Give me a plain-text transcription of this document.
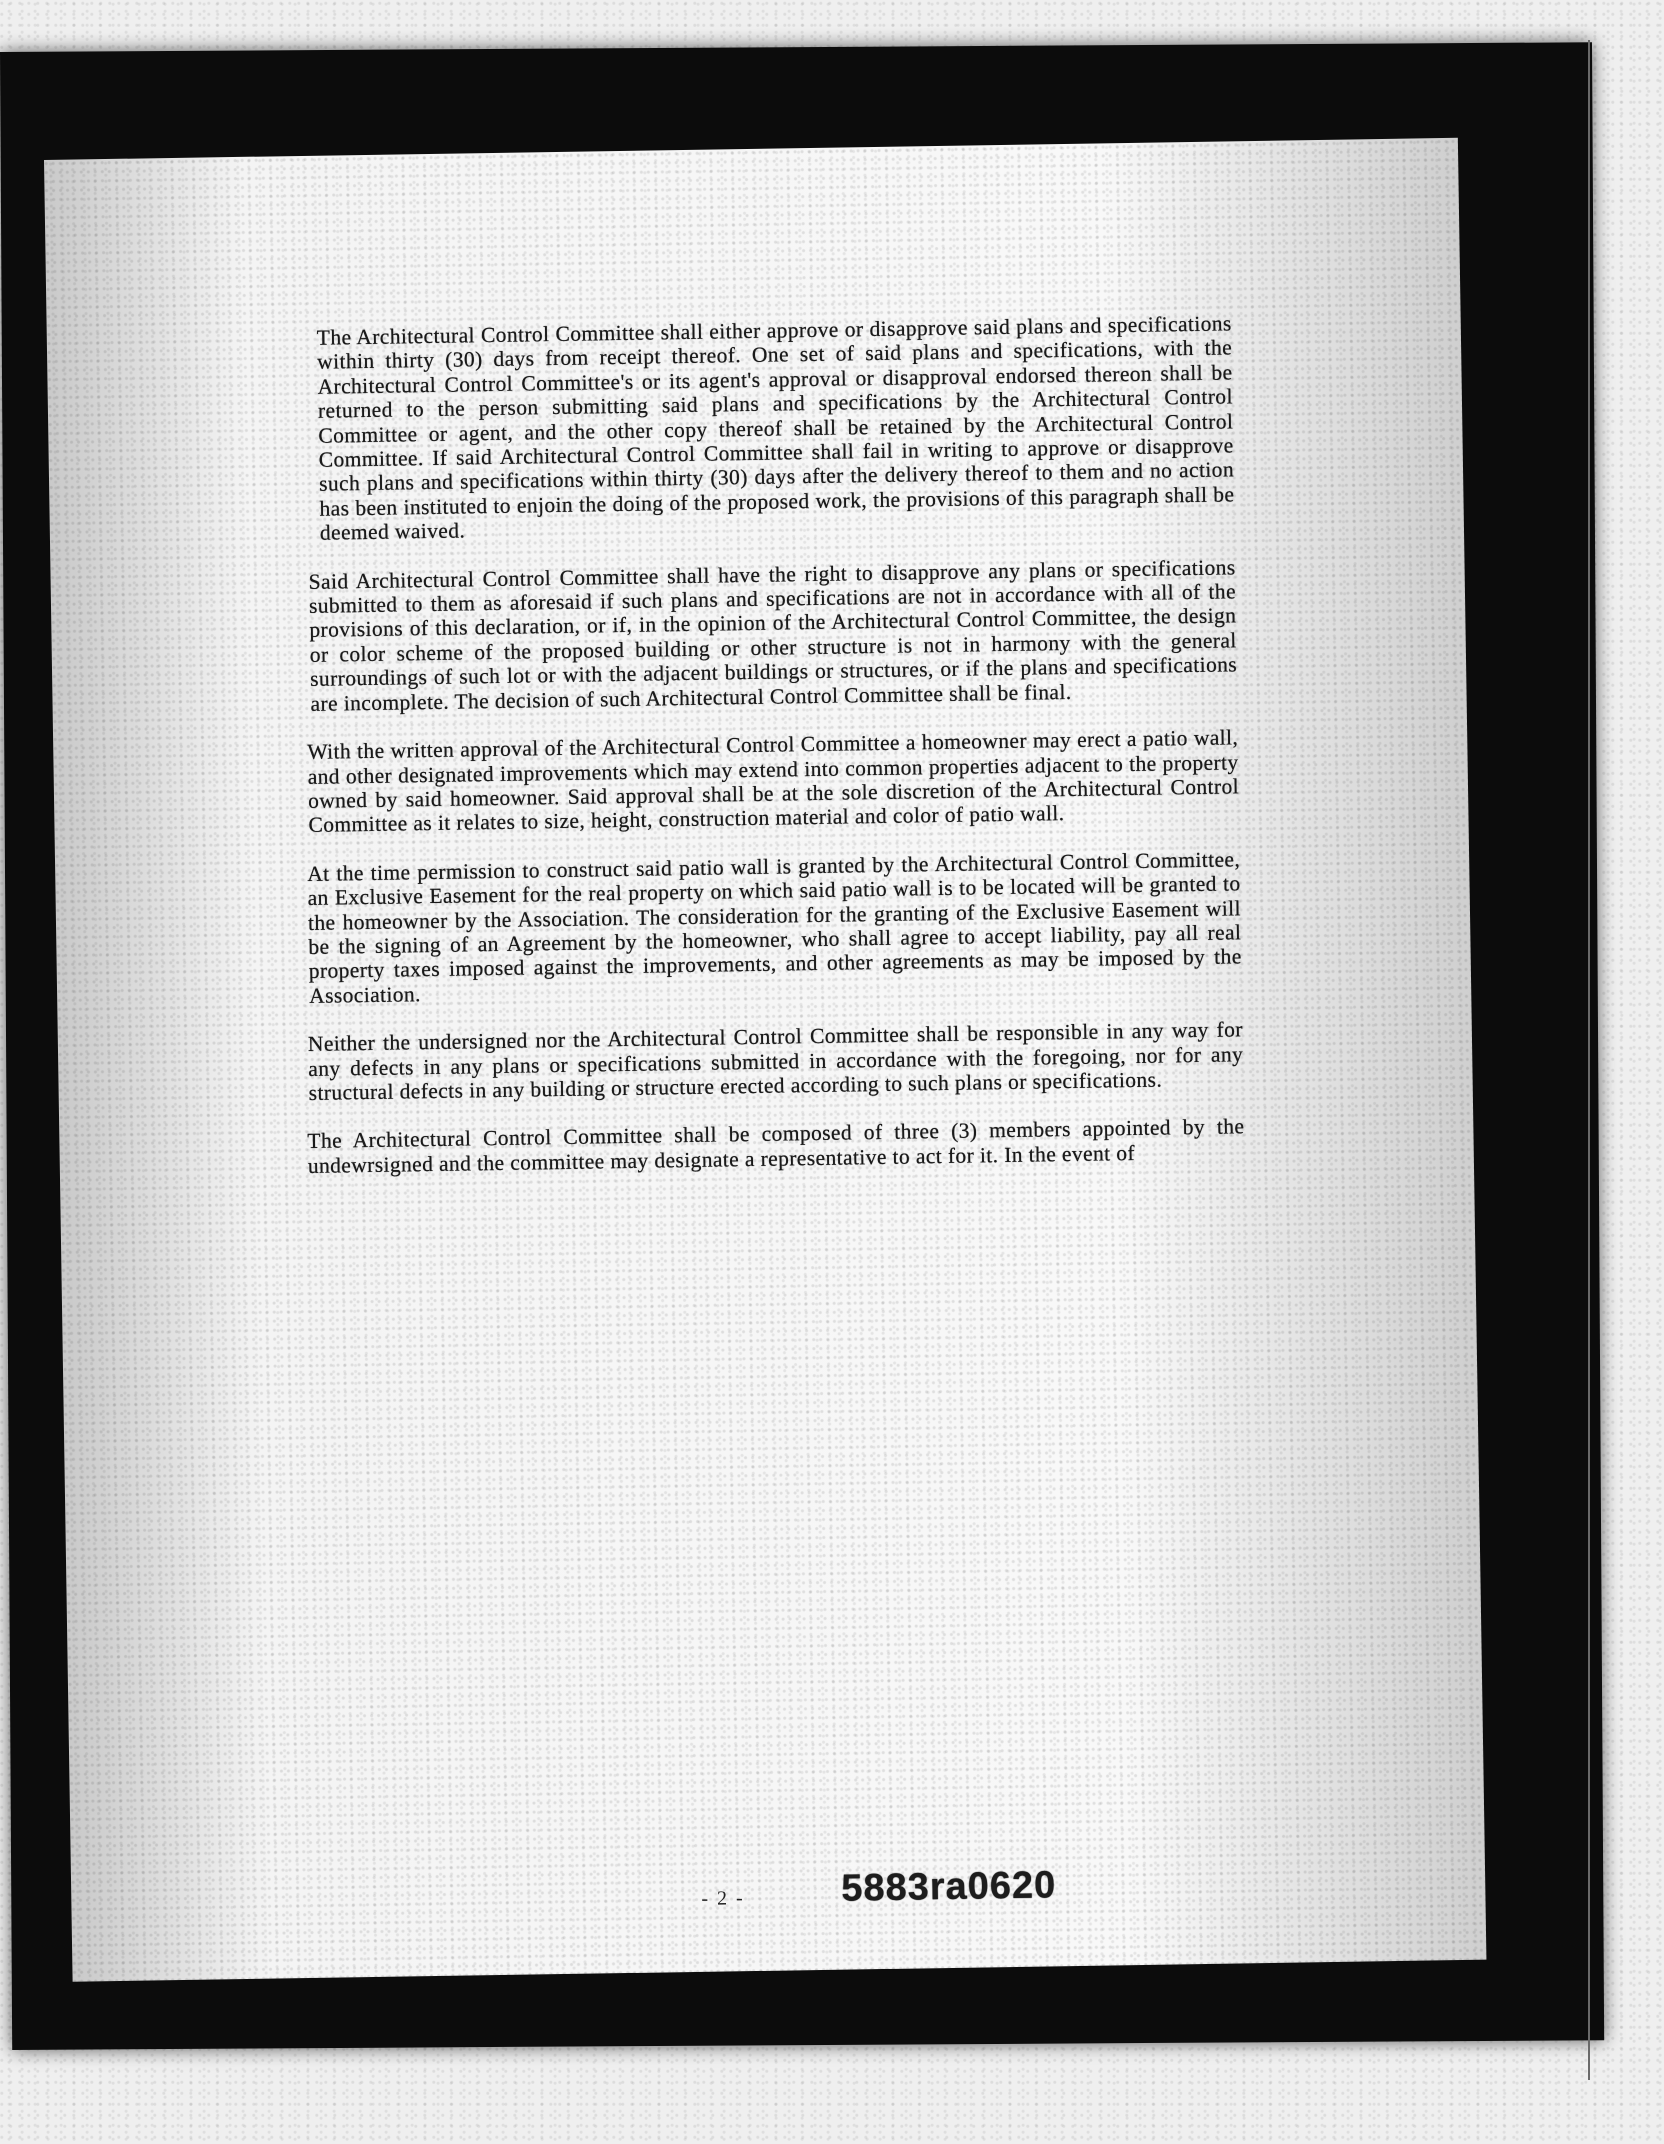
The Architectural Control Committee shall either approve or disapprove said plans and specifications within thirty (30) days from receipt thereof. One set of said plans and specifications, with the Architectural Control Committee's or its agent's approval or disapproval endorsed thereon shall be returned to the person submitting said plans and specifications by the Architectural Control Committee or agent, and the other copy thereof shall be retained by the Architectural Control Committee. If said Architectural Control Committee shall fail in writing to approve or disapprove such plans and specifications within thirty (30) days after the delivery thereof to them and no action has been instituted to enjoin the doing of the proposed work, the provisions of this paragraph shall be deemed waived.

Said Architectural Control Committee shall have the right to disapprove any plans or specifications submitted to them as aforesaid if such plans and specifications are not in accordance with all of the provisions of this declaration, or if, in the opinion of the Architectural Control Committee, the design or color scheme of the proposed building or other structure is not in harmony with the general surroundings of such lot or with the adjacent buildings or structures, or if the plans and specifications are incomplete. The decision of such Architectural Control Committee shall be final.

With the written approval of the Architectural Control Committee a homeowner may erect a patio wall, and other designated improvements which may extend into common properties adjacent to the property owned by said homeowner. Said approval shall be at the sole discretion of the Architectural Control Committee as it relates to size, height, construction material and color of patio wall.

At the time permission to construct said patio wall is granted by the Architectural Control Committee, an Exclusive Easement for the real property on which said patio wall is to be located will be granted to the homeowner by the Association. The consideration for the granting of the Exclusive Easement will be the signing of an Agreement by the homeowner, who shall agree to accept liability, pay all real property taxes imposed against the improvements, and other agreements as may be imposed by the Association.

Neither the undersigned nor the Architectural Control Committee shall be responsible in any way for any defects in any plans or specifications submitted in accordance with the foregoing, nor for any structural defects in any building or structure erected according to such plans or specifications.

The Architectural Control Committee shall be composed of three (3) members appointed by the undewrsigned and the committee may designate a representative to act for it. In the event of

- 2 -	5883ra0620
